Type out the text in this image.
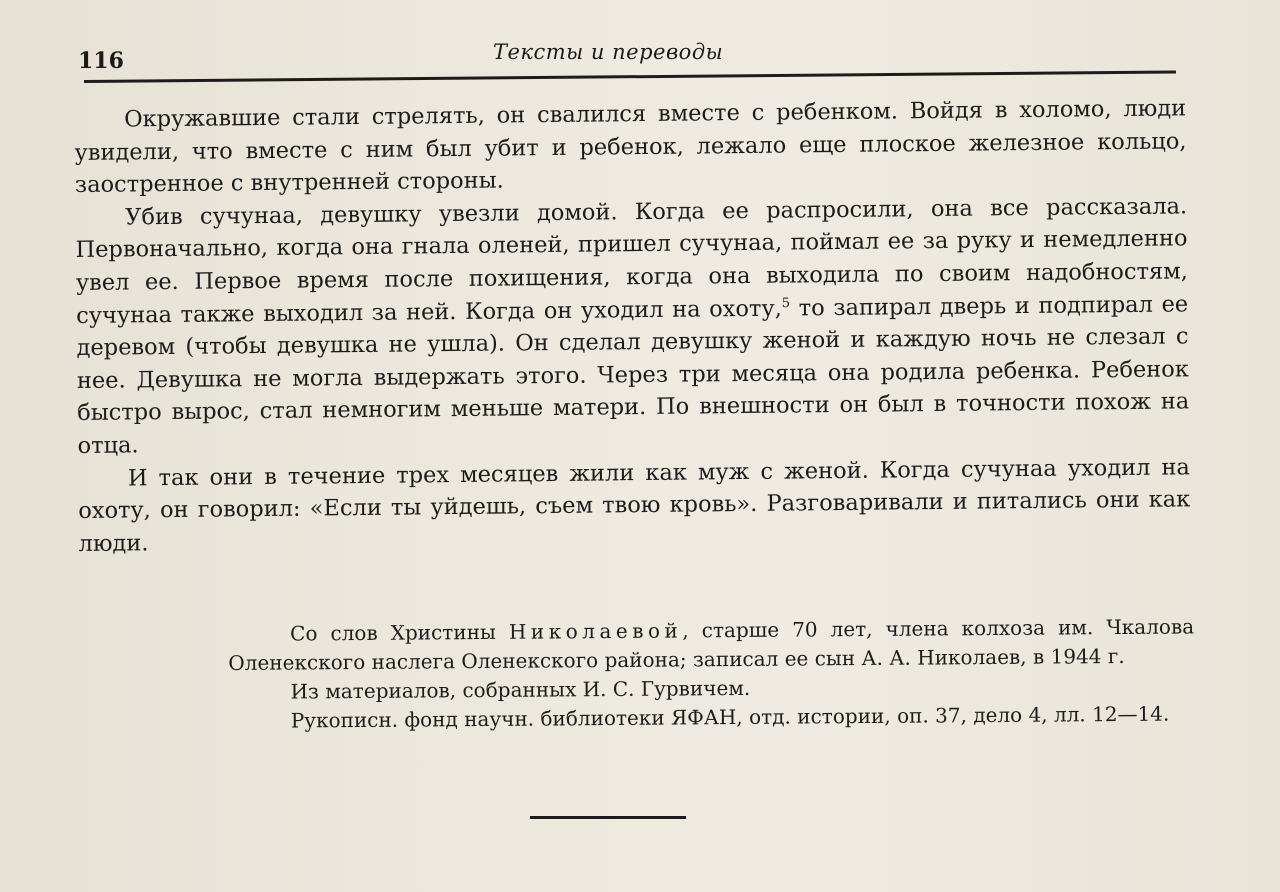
116	Тексты и переводы

Окружавшие стали стрелять, он свалился вместе с ребенком. Войдя в холомо, люди увидели, что вместе с ним был убит и ребенок, лежало еще плоское железное кольцо, заостренное с внутренней стороны.

Убив сучунаа, девушку увезли домой. Когда ее распросили, она все рассказала. Первоначально, когда она гнала оленей, пришел сучунаа, поймал ее за руку и немедленно увел ее. Первое время после похищения, когда она выходила по своим надобностям, сучунаа также выходил за ней. Когда он уходил на охоту,$^5$ то запирал дверь и подпирал ее деревом (чтобы девушка не ушла). Он сделал девушку женой и каждую ночь не слезал с нее. Девушка не могла выдержать этого. Через три месяца она родила ребенка. Ребенок быстро вырос, стал немногим меньше матери. По внешности он был в точности похож на отца.

И так они в течение трех месяцев жили как муж с женой. Когда сучунаа уходил на охоту, он говорил: «Если ты уйдешь, съем твою кровь». Разговаривали и питались они как люди.

Со слов Христины Николаевой, старше 70 лет, члена колхоза им. Чкалова Оленекского наслега Оленекского района; записал ее сын А. А. Николаев, в 1944 г.

Из материалов, собранных И. С. Гурвичем.

Рукописн. фонд научн. библиотеки ЯФАН, отд. истории, оп. 37, дело 4, лл. 12—14.
